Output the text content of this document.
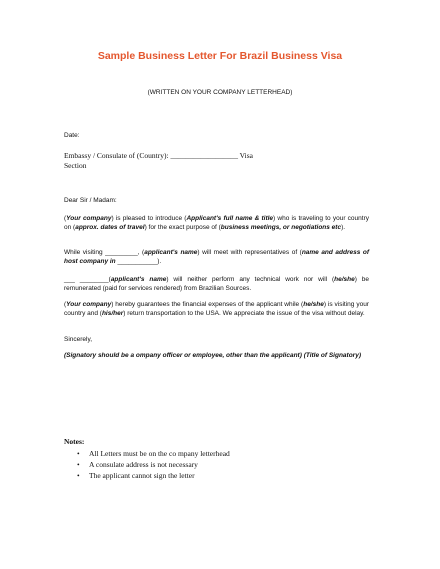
Sample Business Letter For Brazil Business Visa
(WRITTEN ON YOUR COMPANY LETTERHEAD)
Date:
Embassy / Consulate of (Country): __________________ Visa
Section
Dear Sir / Madam:
(Your company) is pleased to introduce (Applicant's full name & title) who is traveling to your country on (approx. dates of travel) for the exact purpose of (business meetings, or negotiations etc).
While visiting _________, (applicant's name) will meet with representatives of (name and address of host company in ___________).
___ ________(applicant's name) will neither perform any technical work nor will (he/she) be remunerated (paid for services rendered) from Brazilian Sources.
(Your company) hereby guarantees the financial expenses of the applicant while (he/she) is visiting your country and (his/her) return transportation to the USA. We appreciate the issue of the visa without delay.
Sincerely,
(Signatory should be a ompany officer or employee, other than the applicant) (Title of Signatory)
Notes:
• All Letters must be on the co mpany letterhead
• A consulate address is not necessary
• The applicant cannot sign the letter
